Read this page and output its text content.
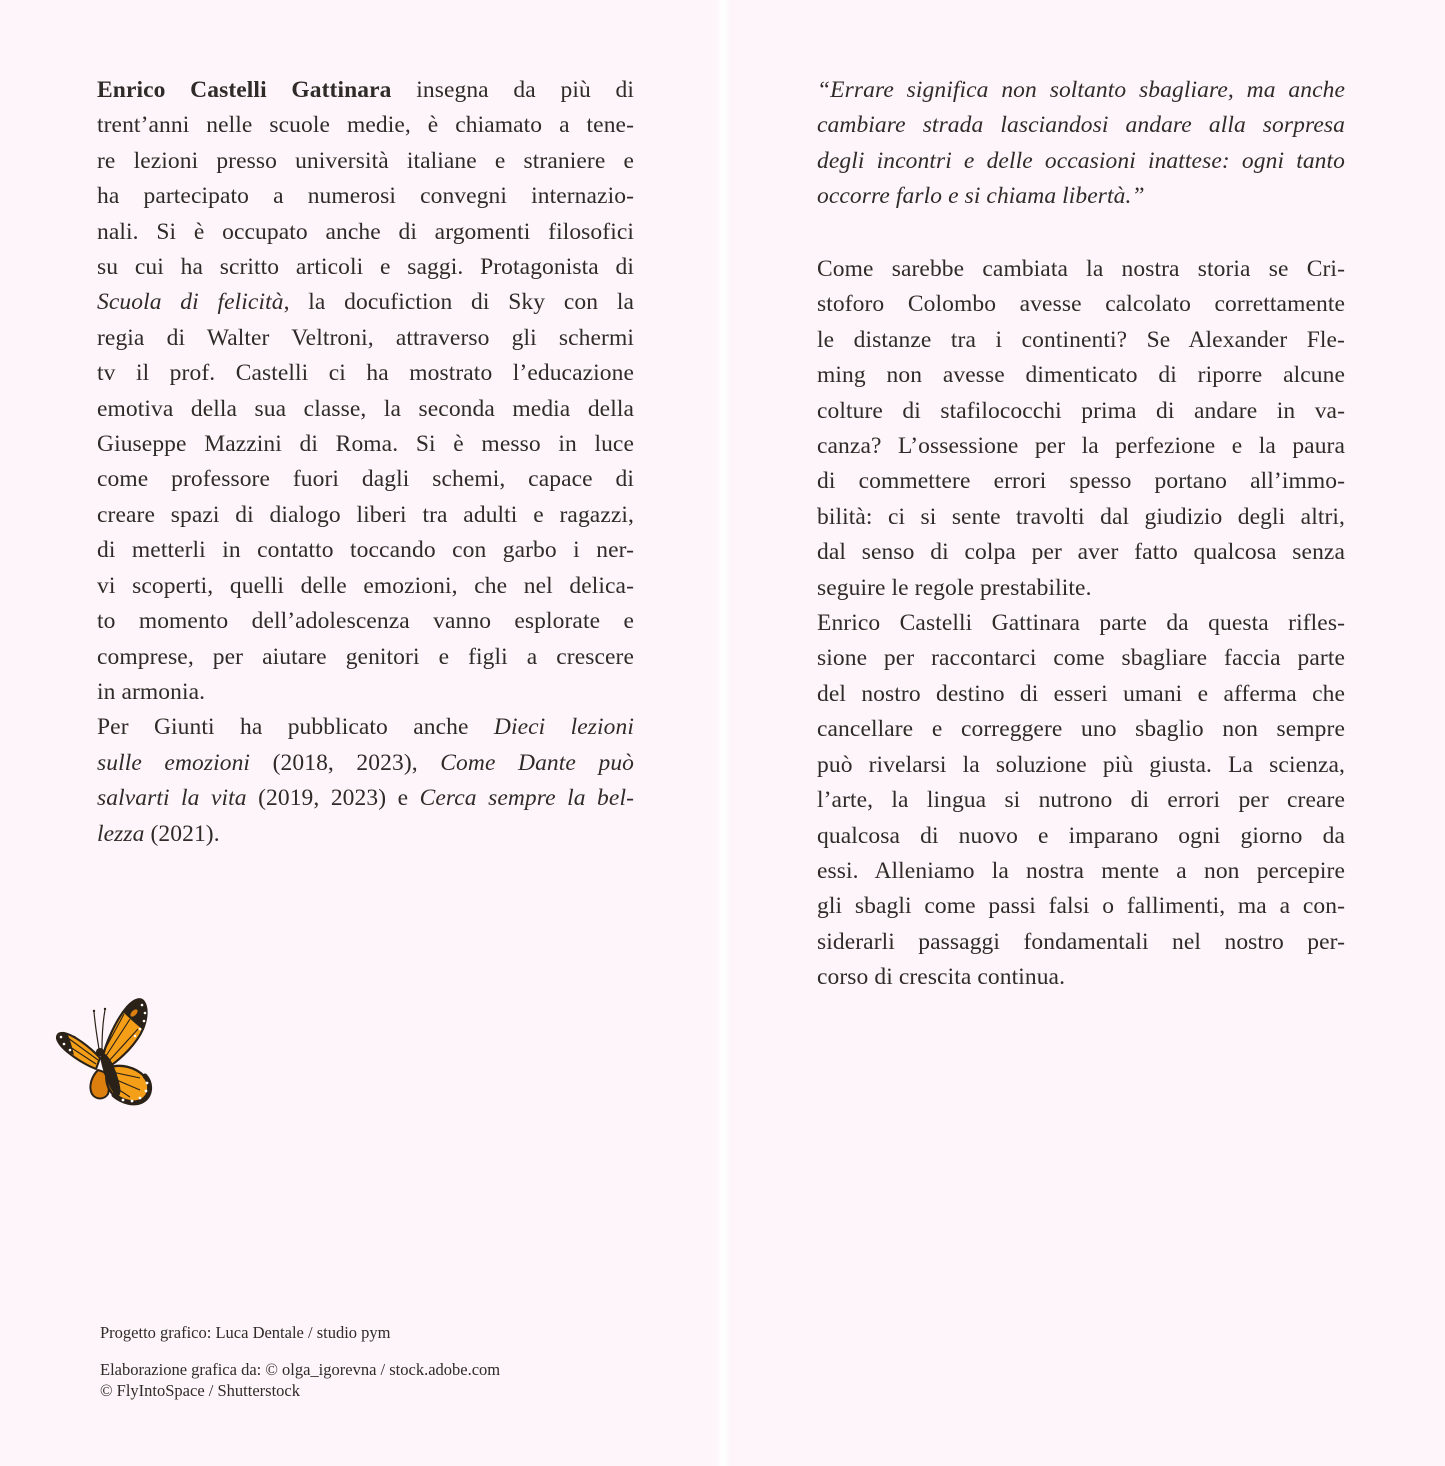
Enrico Castelli Gattinara insegna da più di
trent’anni nelle scuole medie, è chiamato a tene-
re lezioni presso università italiane e straniere e
ha partecipato a numerosi convegni internazio-
nali. Si è occupato anche di argomenti filosofici
su cui ha scritto articoli e saggi. Protagonista di
Scuola di felicità, la docufiction di Sky con la
regia di Walter Veltroni, attraverso gli schermi
tv il prof. Castelli ci ha mostrato l’educazione
emotiva della sua classe, la seconda media della
Giuseppe Mazzini di Roma. Si è messo in luce
come professore fuori dagli schemi, capace di
creare spazi di dialogo liberi tra adulti e ragazzi,
di metterli in contatto toccando con garbo i ner-
vi scoperti, quelli delle emozioni, che nel delica-
to momento dell’adolescenza vanno esplorate e
comprese, per aiutare genitori e figli a crescere
in armonia.
Per Giunti ha pubblicato anche Dieci lezioni
sulle emozioni (2018, 2023), Come Dante può
salvarti la vita (2019, 2023) e Cerca sempre la bel-
lezza (2021).

Progetto grafico: Luca Dentale / studio pym

Elaborazione grafica da: © olga_igorevna / stock.adobe.com

© FlyIntoSpace / Shutterstock

“Errare significa non soltanto sbagliare, ma anche
cambiare strada lasciandosi andare alla sorpresa
degli incontri e delle occasioni inattese: ogni tanto
occorre farlo e si chiama libertà.”
Come sarebbe cambiata la nostra storia se Cri-
stoforo Colombo avesse calcolato correttamente
le distanze tra i continenti? Se Alexander Fle-
ming non avesse dimenticato di riporre alcune
colture di stafilococchi prima di andare in va-
canza? L’ossessione per la perfezione e la paura
di commettere errori spesso portano all’immo-
bilità: ci si sente travolti dal giudizio degli altri,
dal senso di colpa per aver fatto qualcosa senza
seguire le regole prestabilite.
Enrico Castelli Gattinara parte da questa rifles-
sione per raccontarci come sbagliare faccia parte
del nostro destino di esseri umani e afferma che
cancellare e correggere uno sbaglio non sempre
può rivelarsi la soluzione più giusta. La scienza,
l’arte, la lingua si nutrono di errori per creare
qualcosa di nuovo e imparano ogni giorno da
essi. Alleniamo la nostra mente a non percepire
gli sbagli come passi falsi o fallimenti, ma a con-
siderarli passaggi fondamentali nel nostro per-
corso di crescita continua.
